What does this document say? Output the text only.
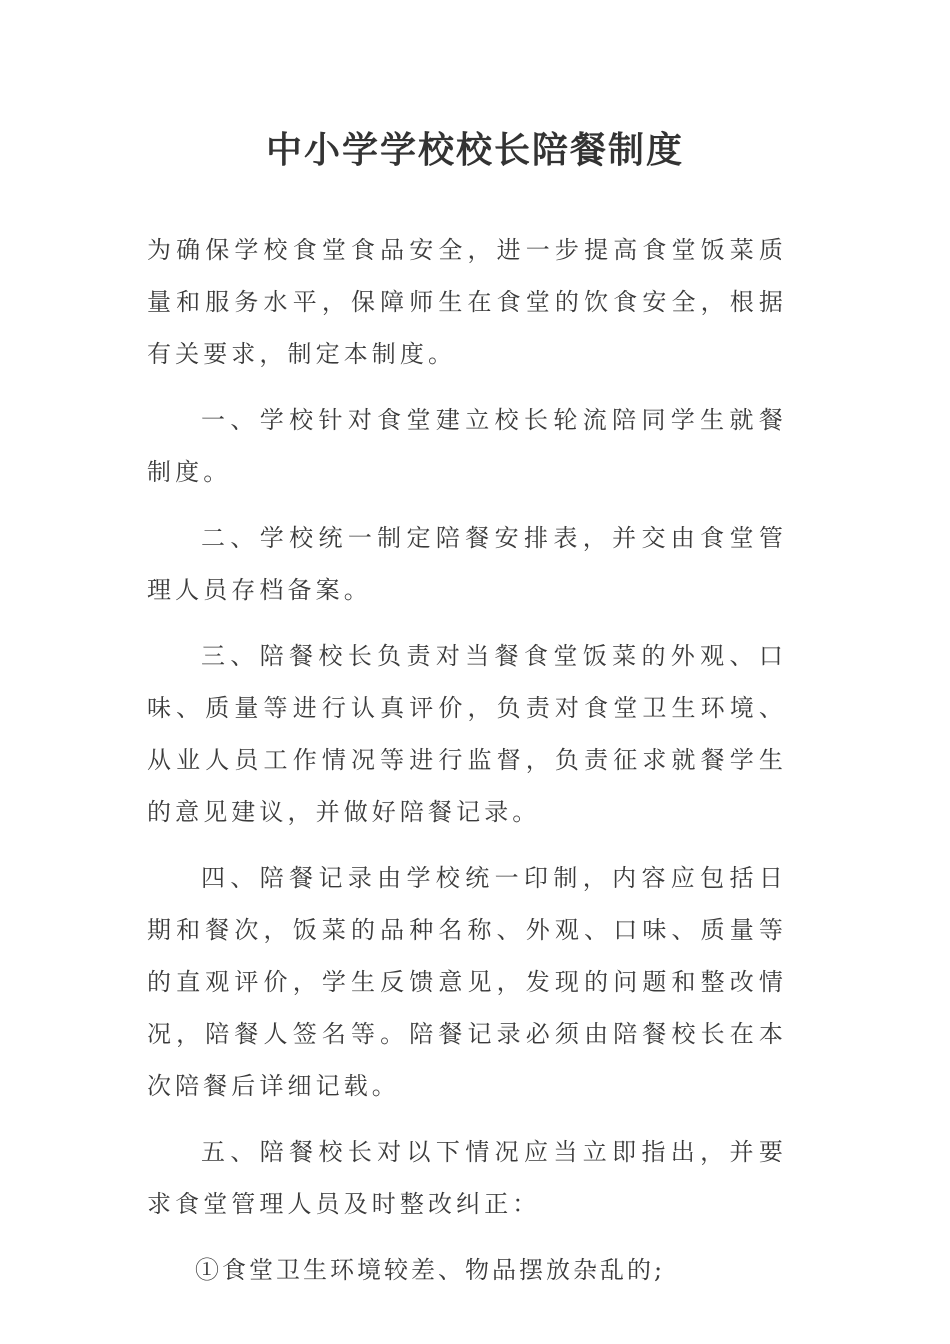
中小学学校校长陪餐制度

为确保学校食堂食品安全，进一步提高食堂饭菜质量和服务水平，保障师生在食堂的饮食安全，根据有关要求，制定本制度。

一、学校针对食堂建立校长轮流陪同学生就餐制度。

二、学校统一制定陪餐安排表，并交由食堂管理人员存档备案。

三、陪餐校长负责对当餐食堂饭菜的外观、口味、质量等进行认真评价，负责对食堂卫生环境、从业人员工作情况等进行监督，负责征求就餐学生的意见建议，并做好陪餐记录。

四、陪餐记录由学校统一印制，内容应包括日期和餐次，饭菜的品种名称、外观、口味、质量等的直观评价，学生反馈意见，发现的问题和整改情况，陪餐人签名等。陪餐记录必须由陪餐校长在本次陪餐后详细记载。

五、陪餐校长对以下情况应当立即指出，并要求食堂管理人员及时整改纠正：

①食堂卫生环境较差、物品摆放杂乱的;
